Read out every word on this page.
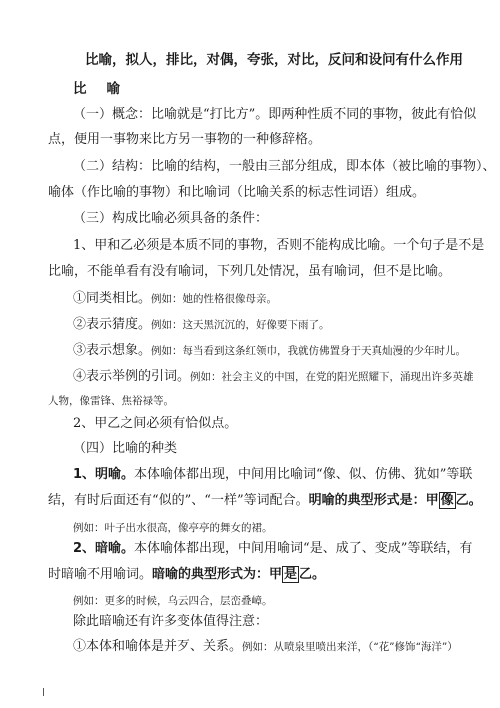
比喻，拟人，排比，对偶，夸张，对比，反问和设问有什么作用
比喻
（一）概念：比喻就是“打比方”。即两种性质不同的事物，彼此有恰似
点，便用一事物来比方另一事物的一种修辞格。
（二）结构：比喻的结构，一般由三部分组成，即本体（被比喻的事物）、
喻体（作比喻的事物）和比喻词（比喻关系的标志性词语）组成。
（三）构成比喻必须具备的条件：
1、甲和乙必须是本质不同的事物，否则不能构成比喻。一个句子是不是
比喻，不能单看有没有喻词，下列几处情况，虽有喻词，但不是比喻。
①同类相比。例如：她的性格很像母亲。
②表示猜度。例如：这天黑沉沉的，好像要下雨了。
③表示想象。例如：每当看到这条红领巾，我就仿佛置身于天真灿漫的少年时儿。
④表示举例的引词。例如：社会主义的中国，在党的阳光照耀下，涌现出许多英雄
人物，像雷锋、焦裕禄等。
2、甲乙之间必须有恰似点。
（四）比喻的种类
1、明喻。本体喻体都出现，中间用比喻词“像、似、仿佛、犹如”等联
结，有时后面还有“似的”、“一样”等词配合。明喻的典型形式是：甲 像 乙。
例如：叶子出水很高，像亭亭的舞女的裙。
2、暗喻。本体喻体都出现，中间用喻词“是、成了、变成”等联结，有
时暗喻不用喻词。暗喻的典型形式为：甲 是 乙。
例如：更多的时候，乌云四合，层峦叠嶂。
除此暗喻还有许多变体值得注意：
①本体和喻体是并歹、关系。例如：从喷泉里喷出来洋，（“花”修饰“海洋”）
